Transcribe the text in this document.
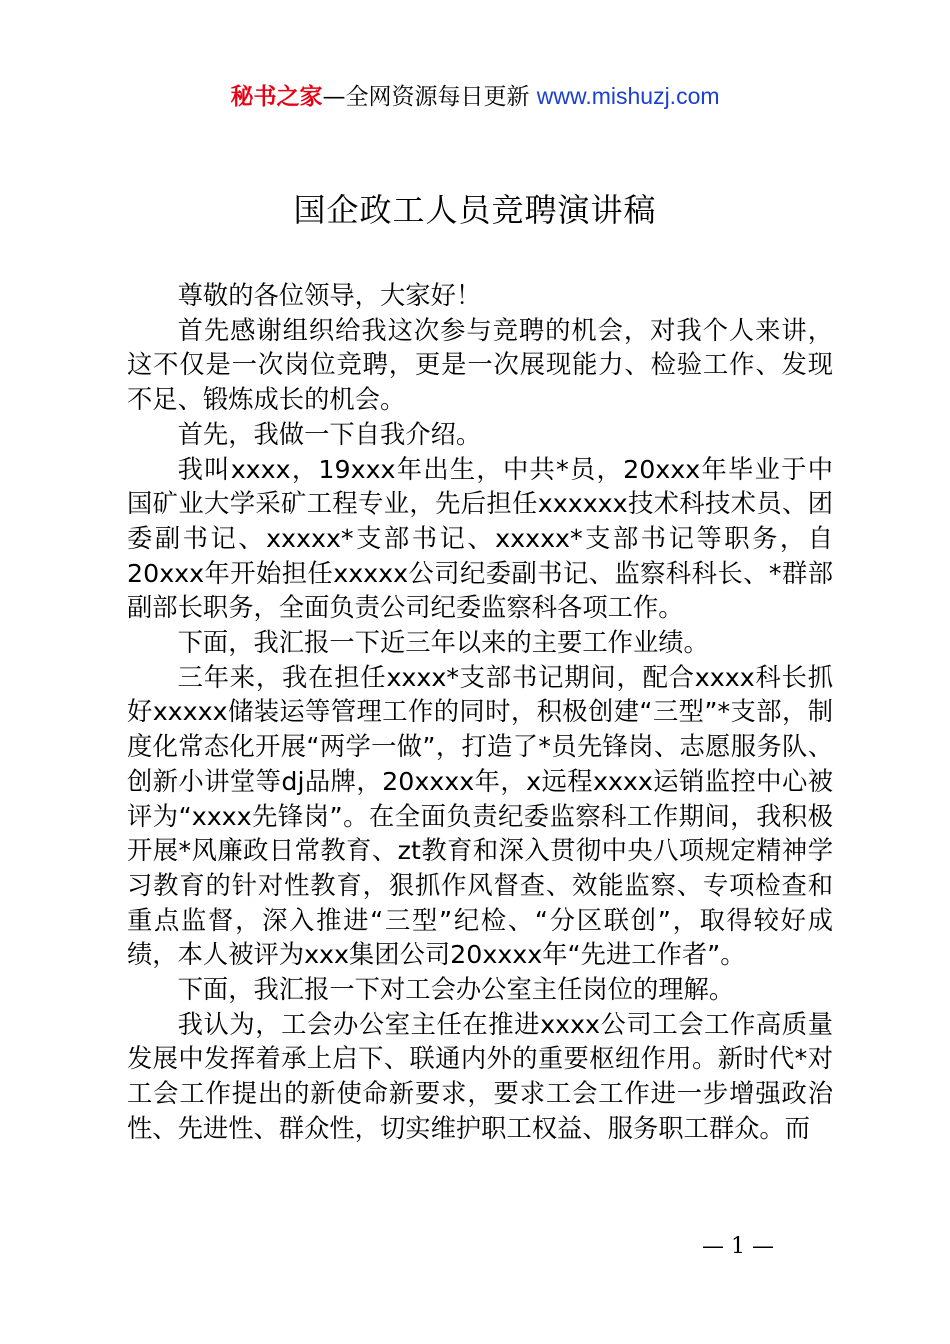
秘书之家—全网资源每日更新 www.mishuzj.com
国企政工人员竞聘演讲稿

尊敬的各位领导，大家好！

首先感谢组织给我这次参与竞聘的机会，对我个人来讲，这不仅是一次岗位竞聘，更是一次展现能力、检验工作、发现不足、锻炼成长的机会。

首先，我做一下自我介绍。

我叫xxxx，19xxx年出生，中共*员，20xxx年毕业于中国矿业大学采矿工程专业，先后担任xxxxxx技术科技术员、团委副书记、xxxxx*支部书记、xxxxx*支部书记等职务，自20xxx年开始担任xxxxx公司纪委副书记、监察科科长、*群部副部长职务，全面负责公司纪委监察科各项工作。

下面，我汇报一下近三年以来的主要工作业绩。

三年来，我在担任xxxx*支部书记期间，配合xxxx科长抓好xxxxx储装运等管理工作的同时，积极创建“三型”*支部，制度化常态化开展“两学一做”，打造了*员先锋岗、志愿服务队、创新小讲堂等dj品牌，20xxxx年，x远程xxxx运销监控中心被评为“xxxx先锋岗”。在全面负责纪委监察科工作期间，我积极开展*风廉政日常教育、zt教育和深入贯彻中央八项规定精神学习教育的针对性教育，狠抓作风督查、效能监察、专项检查和重点监督，深入推进“三型”纪检、“分区联创”，取得较好成绩，本人被评为xxx集团公司20xxxx年“先进工作者”。

下面，我汇报一下对工会办公室主任岗位的理解。

我认为，工会办公室主任在推进xxxx公司工会工作高质量发展中发挥着承上启下、联通内外的重要枢纽作用。新时代*对工会工作提出的新使命新要求，要求工会工作进一步增强政治性、先进性、群众性，切实维护职工权益、服务职工群众。而

— 1 —
